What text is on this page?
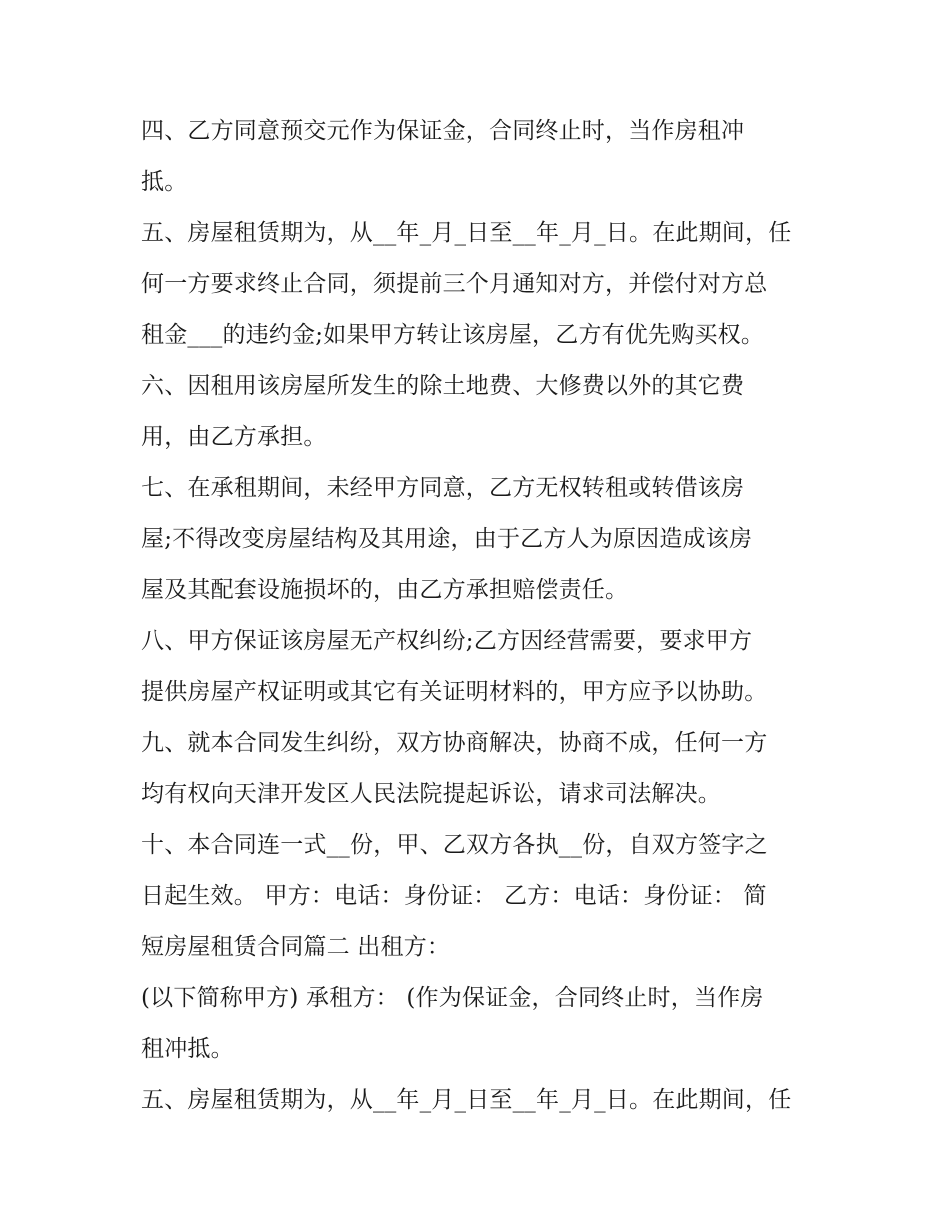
四、乙方同意预交元作为保证金，合同终止时，当作房租冲
抵。
五、房屋租赁期为，从__年_月_日至__年_月_日。在此期间，任
何一方要求终止合同，须提前三个月通知对方，并偿付对方总
租金___的违约金;如果甲方转让该房屋，乙方有优先购买权。
六、因租用该房屋所发生的除土地费、大修费以外的其它费
用，由乙方承担。
七、在承租期间，未经甲方同意，乙方无权转租或转借该房
屋;不得改变房屋结构及其用途，由于乙方人为原因造成该房
屋及其配套设施损坏的，由乙方承担赔偿责任。
八、甲方保证该房屋无产权纠纷;乙方因经营需要，要求甲方
提供房屋产权证明或其它有关证明材料的，甲方应予以协助。
九、就本合同发生纠纷，双方协商解决，协商不成，任何一方
均有权向天津开发区人民法院提起诉讼，请求司法解决。
十、本合同连一式__份，甲、乙双方各执__份，自双方签字之
日起生效。 甲方：电话：身份证： 乙方：电话：身份证： 简
短房屋租赁合同篇二 出租方：
(以下简称甲方) 承租方： (作为保证金，合同终止时，当作房
租冲抵。
五、房屋租赁期为，从__年_月_日至__年_月_日。在此期间，任
